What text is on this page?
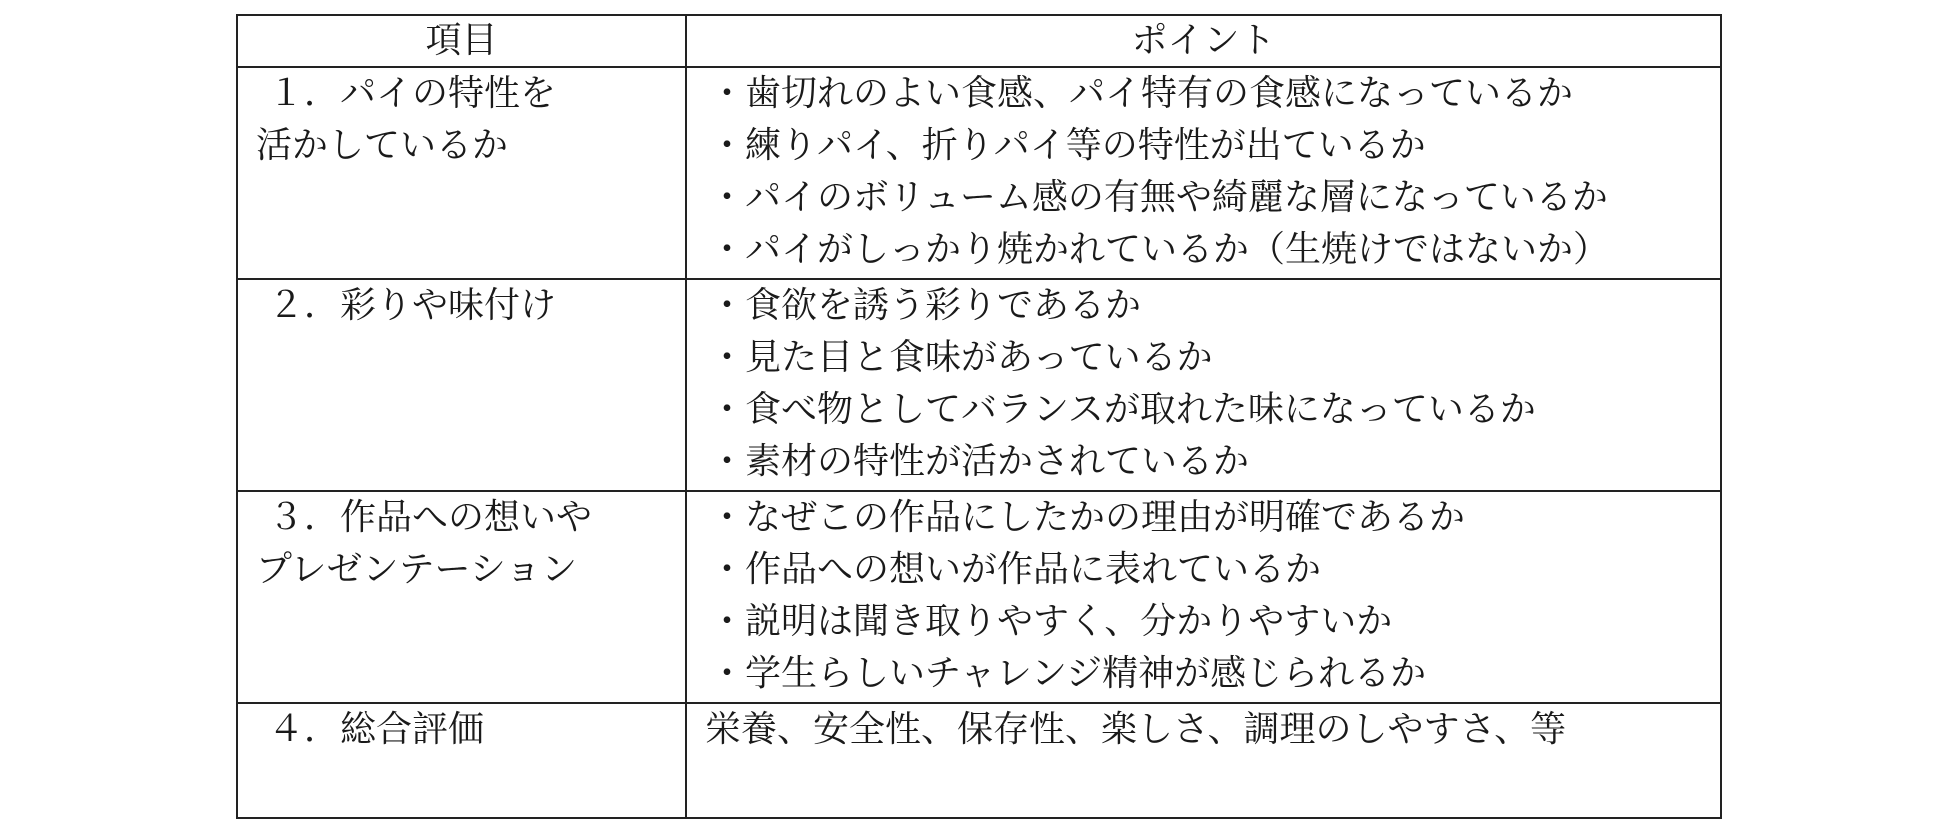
項目	ポイント

１．パイの特性を
活かしているか	・歯切れのよい食感、パイ特有の食感になっているか
・練りパイ、折りパイ等の特性が出ているか
・パイのボリューム感の有無や綺麗な層になっているか
・パイがしっかり焼かれているか（生焼けではないか）

２．彩りや味付け	・食欲を誘う彩りであるか
・見た目と食味があっているか
・食べ物としてバランスが取れた味になっているか
・素材の特性が活かされているか

３．作品への想いや
プレゼンテーション	・なぜこの作品にしたかの理由が明確であるか
・作品への想いが作品に表れているか
・説明は聞き取りやすく、分かりやすいか
・学生らしいチャレンジ精神が感じられるか

４．総合評価	栄養、安全性、保存性、楽しさ、調理のしやすさ、等
